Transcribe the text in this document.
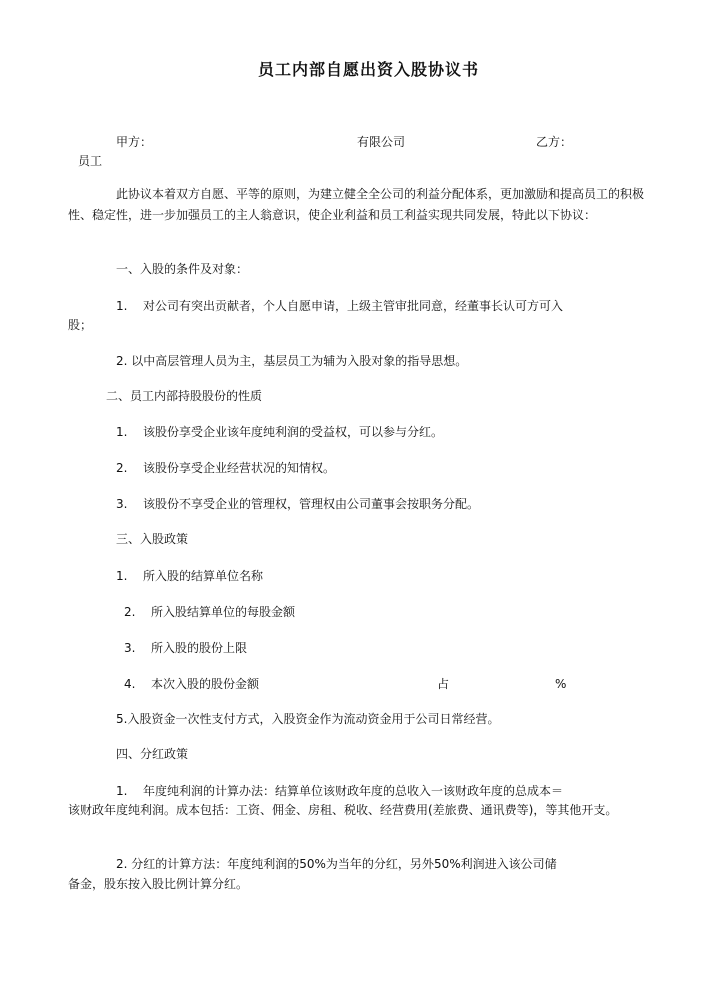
员工内部自愿出资入股协议书
甲方：	有限公司	乙方：
员工
此协议本着双方自愿、平等的原则，为建立健全全公司的利益分配体系，更加激励和提高员工的积极性、稳定性，进一步加强员工的主人翁意识，使企业利益和员工利益实现共同发展，特此以下协议：
一、入股的条件及对象：
1. 对公司有突出贡献者，个人自愿申请，上级主管审批同意，经董事长认可方可入
股；
2. 以中高层管理人员为主，基层员工为辅为入股对象的指导思想。
二、员工内部持股股份的性质
1. 该股份享受企业该年度纯利润的受益权，可以参与分红。
2. 该股份享受企业经营状况的知情权。
3. 该股份不享受企业的管理权，管理权由公司董事会按职务分配。
三、入股政策
1. 所入股的结算单位名称
2. 所入股结算单位的每股金额
3. 所入股的股份上限
4. 本次入股的股份金额	占	%
5.入股资金一次性支付方式，入股资金作为流动资金用于公司日常经营。
四、分红政策
1. 年度纯利润的计算办法：结算单位该财政年度的总收入一该财政年度的总成本＝
该财政年度纯利润。成本包括：工资、佣金、房租、税收、经营费用(差旅费、通讯费等)，等其他开支。
2. 分红的计算方法：年度纯利润的50%为当年的分红，另外50%利润进入该公司储
备金，股东按入股比例计算分红。
